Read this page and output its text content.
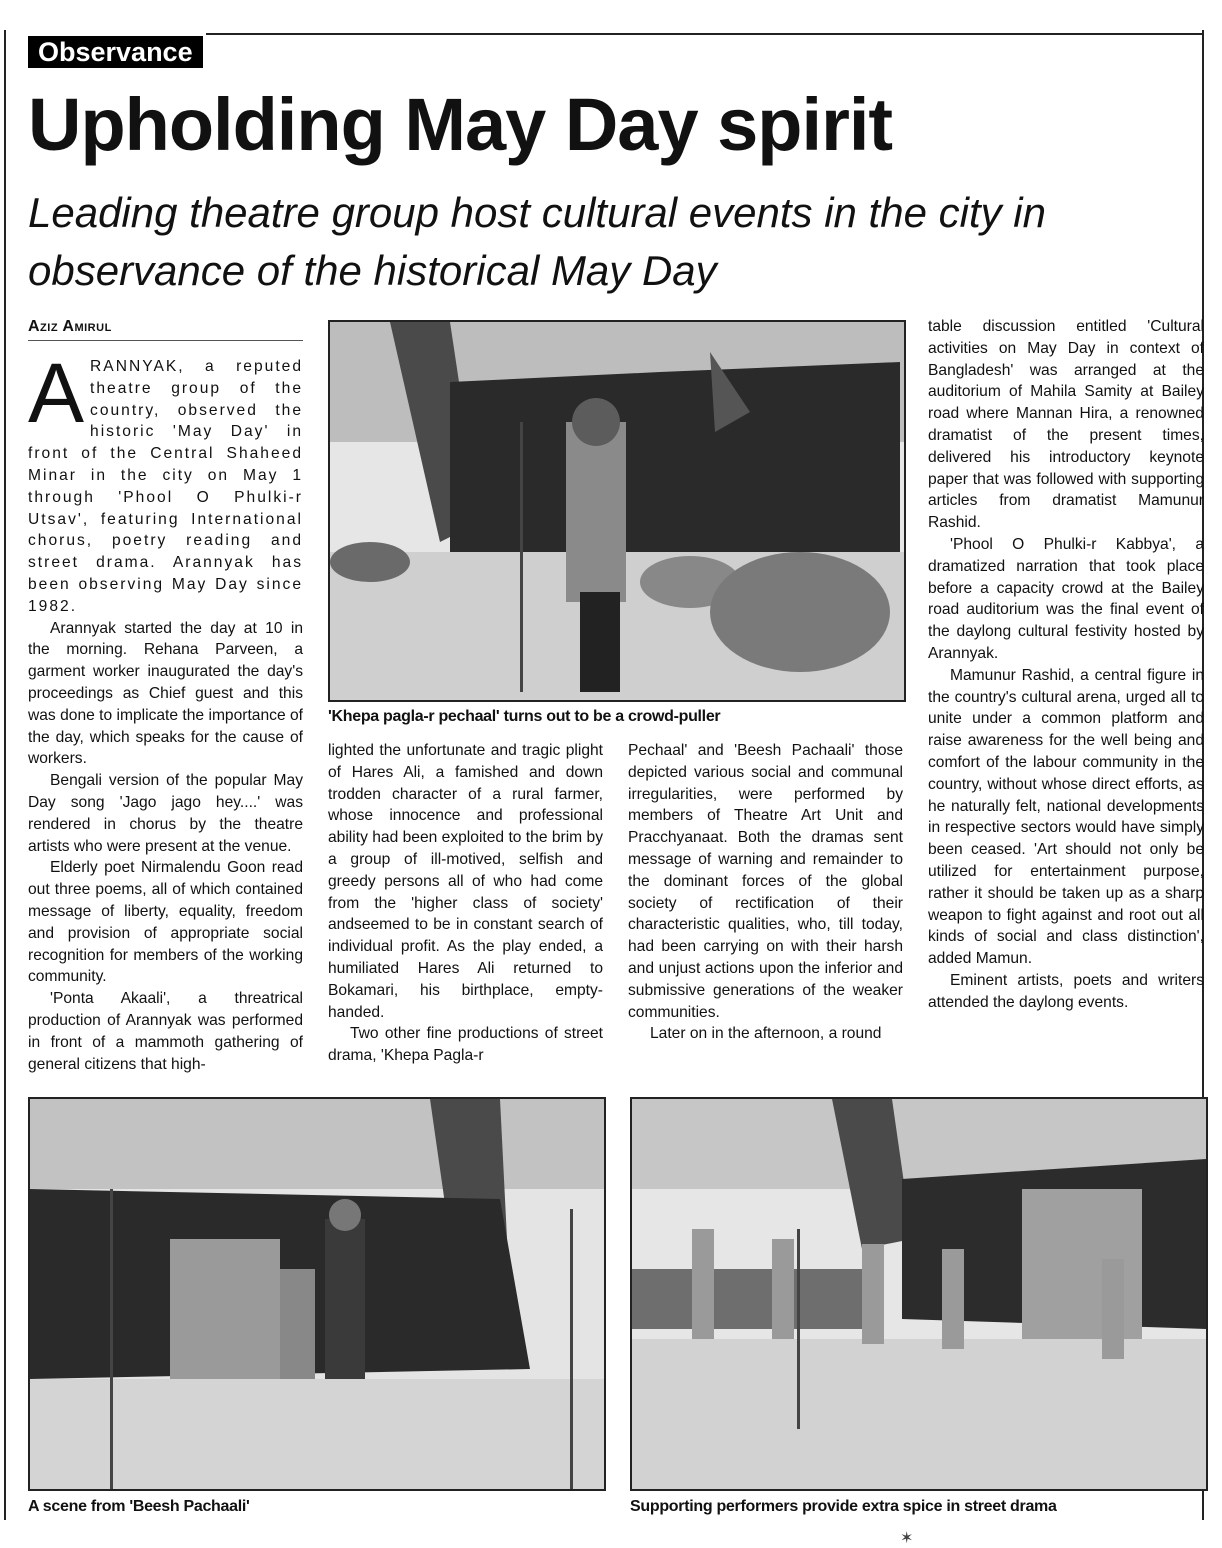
Observance
Upholding May Day spirit
Leading theatre group host cultural events in the city in observance of the historical May Day
Aziz Amirul

ARANNYAK, a reputed theatre group of the country, observed the historic 'May Day' in front of the Central Shaheed Minar in the city on May 1 through 'Phool O Phulki-r Utsav', featuring International chorus, poetry reading and street drama. Arannyak has been observing May Day since 1982.

Arannyak started the day at 10 in the morning. Rehana Parveen, a garment worker inaugurated the day's proceedings as Chief guest and this was done to implicate the importance of the day, which speaks for the cause of workers.

Bengali version of the popular May Day song 'Jago jago hey....' was rendered in chorus by the theatre artists who were present at the venue.

Elderly poet Nirmalendu Goon read out three poems, all of which contained message of liberty, equality, freedom and provision of appropriate social recognition for members of the working community.

'Ponta Akaali', a threatrical production of Arannyak was performed in front of a mammoth gathering of general citizens that high-

'Khepa pagla-r pechaal' turns out to be a crowd-puller

lighted the unfortunate and tragic plight of Hares Ali, a famished and down trodden character of a rural farmer, whose innocence and professional ability had been exploited to the brim by a group of ill-motived, selfish and greedy persons all of who had come from the 'higher class of society' andseemed to be in constant search of individual profit. As the play ended, a humiliated Hares Ali returned to Bokamari, his birthplace, empty-handed.

Two other fine productions of street drama, 'Khepa Pagla-r

Pechaal' and 'Beesh Pachaali' those depicted various social and communal irregularities, were performed by members of Theatre Art Unit and Pracchyanaat. Both the dramas sent message of warning and remainder to the dominant forces of the global society of rectification of their characteristic qualities, who, till today, had been carrying on with their harsh and unjust actions upon the inferior and submissive generations of the weaker communities.

Later on in the afternoon, a round

table discussion entitled 'Cultural activities on May Day in context of Bangladesh' was arranged at the auditorium of Mahila Samity at Bailey road where Mannan Hira, a renowned dramatist of the present times, delivered his introductory keynote paper that was followed with supporting articles from dramatist Mamunur Rashid.

'Phool O Phulki-r Kabbya', a dramatized narration that took place before a capacity crowd at the Bailey road auditorium was the final event of the daylong cultural festivity hosted by Arannyak.

Mamunur Rashid, a central figure in the country's cultural arena, urged all to unite under a common platform and raise awareness for the well being and comfort of the labour community in the country, without whose direct efforts, as he naturally felt, national developments in respective sectors would have simply been ceased. 'Art should not only be utilized for entertainment purpose, rather it should be taken up as a sharp weapon to fight against and root out all kinds of social and class distinction', added Mamun.

Eminent artists, poets and writers attended the daylong events.

A scene from 'Beesh Pachaali'	Supporting performers provide extra spice in street drama
✶
